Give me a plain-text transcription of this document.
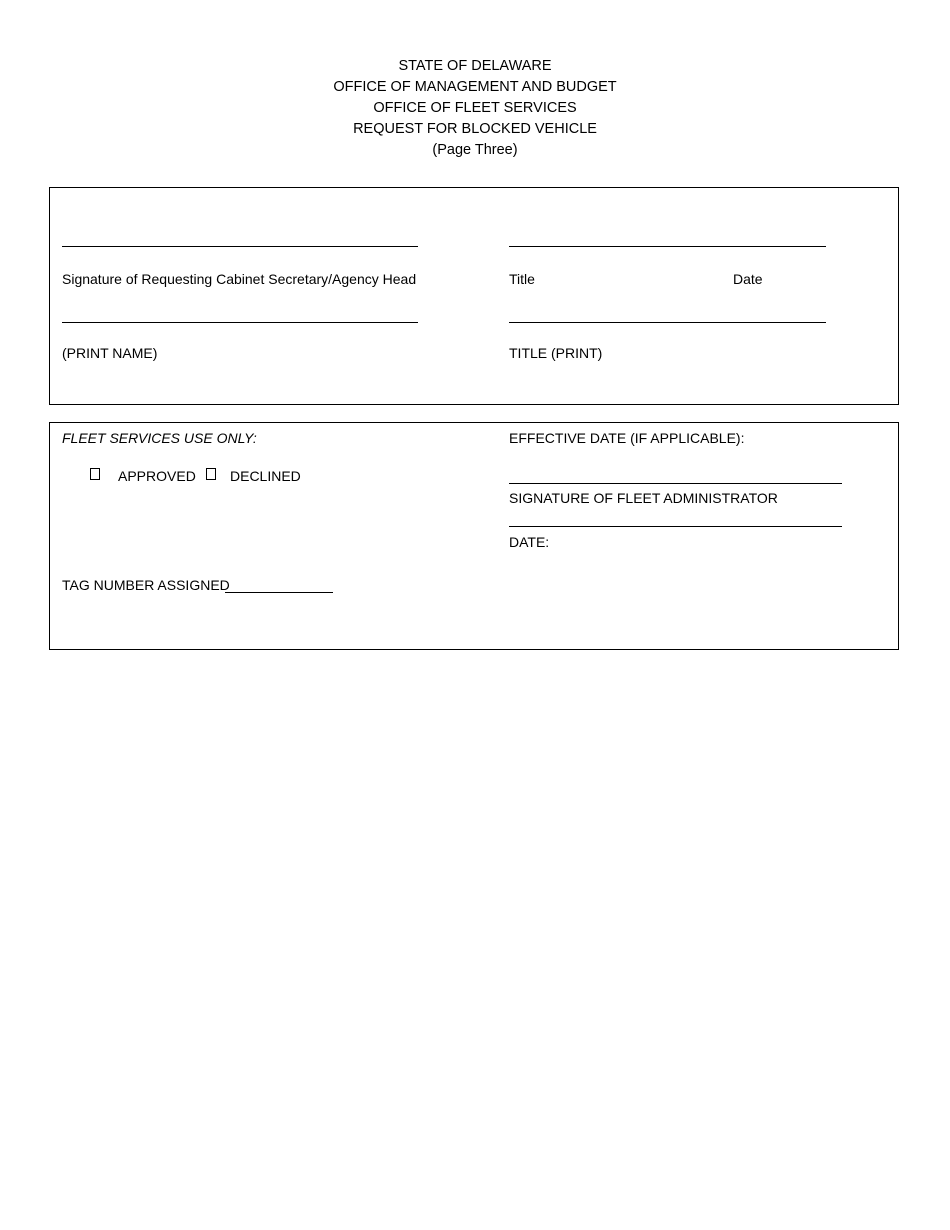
STATE OF DELAWARE
OFFICE OF MANAGEMENT AND BUDGET
OFFICE OF FLEET SERVICES
REQUEST FOR BLOCKED VEHICLE
(Page Three)
Signature of Requesting Cabinet Secretary/Agency Head	Title	Date
(PRINT NAME)	TITLE (PRINT)
FLEET SERVICES USE ONLY:
APPROVED DECLINED
TAG NUMBER ASSIGNED
EFFECTIVE DATE (IF APPLICABLE):
SIGNATURE OF FLEET ADMINISTRATOR
DATE:
